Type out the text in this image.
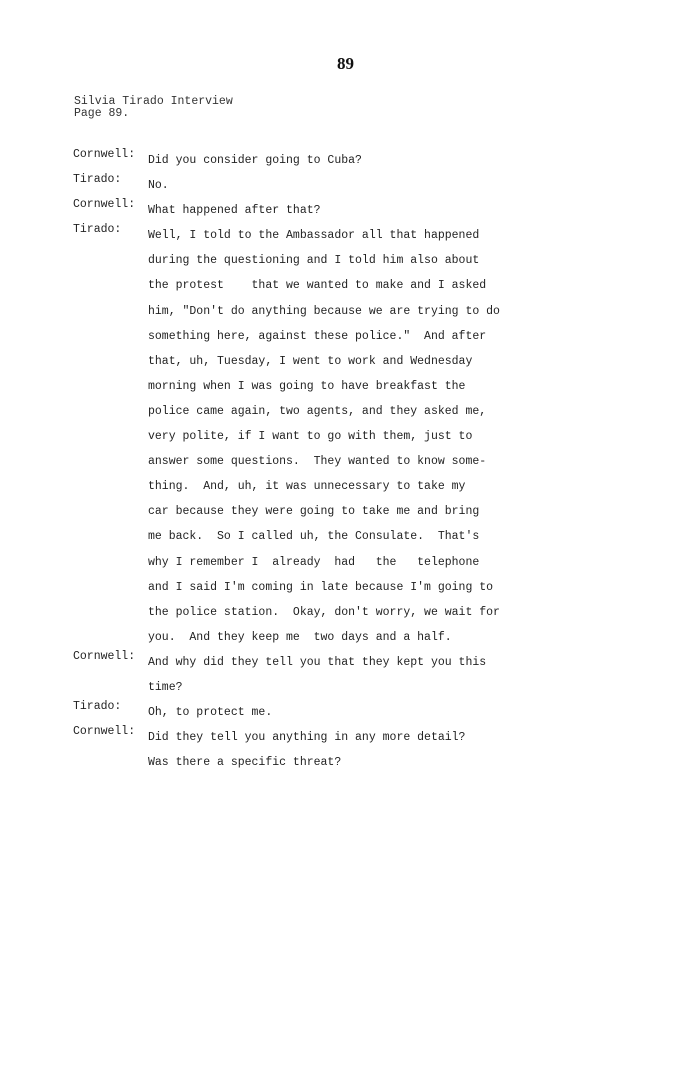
89
Silvia Tirado Interview
Page 89.
Cornwell: Did you consider going to Cuba?
Tirado: No.
Cornwell: What happened after that?
Tirado: Well, I told to the Ambassador all that happened
during the questioning and I told him also about
the protest    that we wanted to make and I asked
him, "Don't do anything because we are trying to do
something here, against these police."  And after
that, uh, Tuesday, I went to work and Wednesday
morning when I was going to have breakfast the
police came again, two agents, and they asked me,
very polite, if I want to go with them, just to
answer some questions.  They wanted to know some-
thing.  And, uh, it was unnecessary to take my
car because they were going to take me and bring
me back.  So I called uh, the Consulate.  That's
why I remember I  already  had   the   telephone
and I said I'm coming in late because I'm going to
the police station.  Okay, don't worry, we wait for
you.  And they keep me  two days and a half.
Cornwell: And why did they tell you that they kept you this
time?
Tirado: Oh, to protect me.
Cornwell: Did they tell you anything in any more detail?
Was there a specific threat?
